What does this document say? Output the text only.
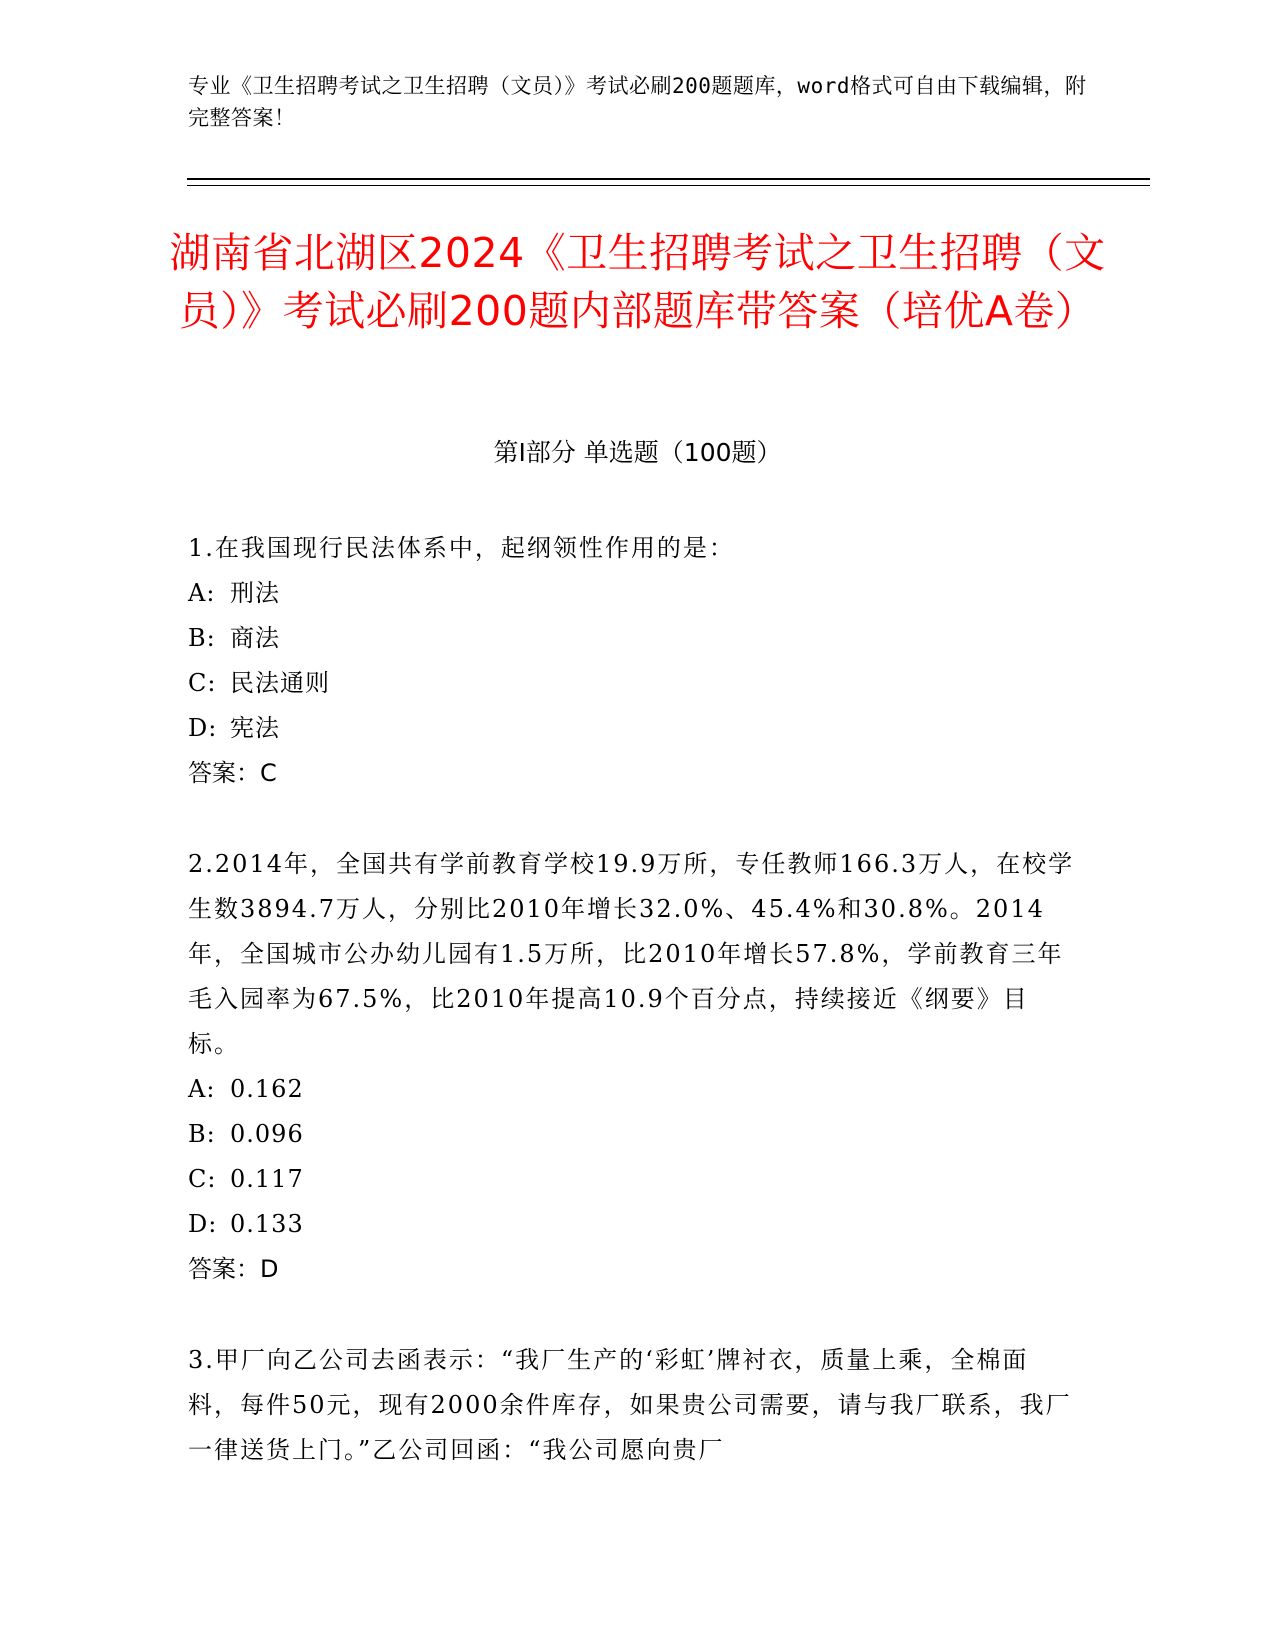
专业《卫生招聘考试之卫生招聘（文员）》考试必刷200题题库，word格式可自由下载编辑，附完整答案！
湖南省北湖区2024《卫生招聘考试之卫生招聘（文员）》考试必刷200题内部题库带答案（培优A卷）
第Ⅰ部分 单选题（100题）

1.在我国现行民法体系中，起纲领性作用的是：

A: 刑法

B: 商法

C: 民法通则

D: 宪法

答案：C

2.2014年，全国共有学前教育学校19.9万所，专任教师166.3万人，在校学生数3894.7万人，分别比2010年增长32.0%、45.4%和30.8%。2014年，全国城市公办幼儿园有1.5万所，比2010年增长57.8%，学前教育三年毛入园率为67.5%，比2010年提高10.9个百分点，持续接近《纲要》目标。

A: 0.162

B: 0.096

C: 0.117

D: 0.133

答案：D

3.甲厂向乙公司去函表示：“我厂生产的‘彩虹’牌衬衣，质量上乘，全棉面料，每件50元，现有2000余件库存，如果贵公司需要，请与我厂联系，我厂一律送货上门。”乙公司回函：“我公司愿向贵厂
